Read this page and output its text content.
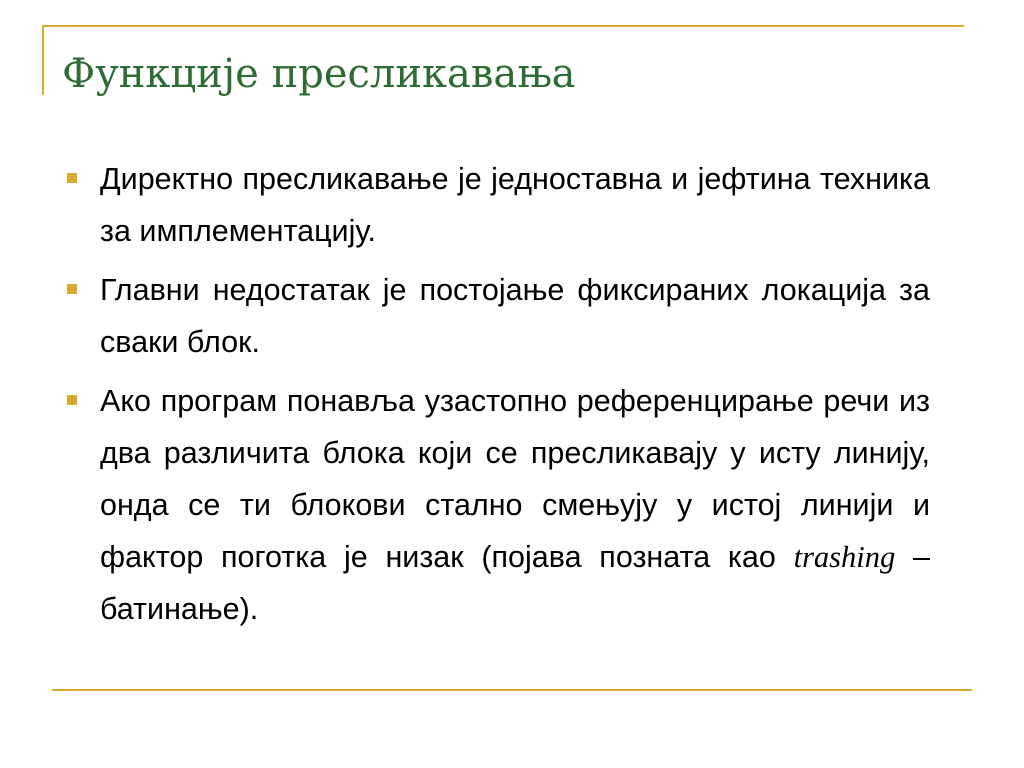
Функције пресликавања
Директно пресликавање је једноставна и јефтина техника за имплементацију.
Главни недостатак је постојање фиксираних локација за сваки блок.
Ако програм понавља узастопно референцирање речи из два различита блока који се пресликавају у исту линију, онда се ти блокови стално смењују у истој линији и фактор поготка је низак (појава позната као trashing – батинање).
